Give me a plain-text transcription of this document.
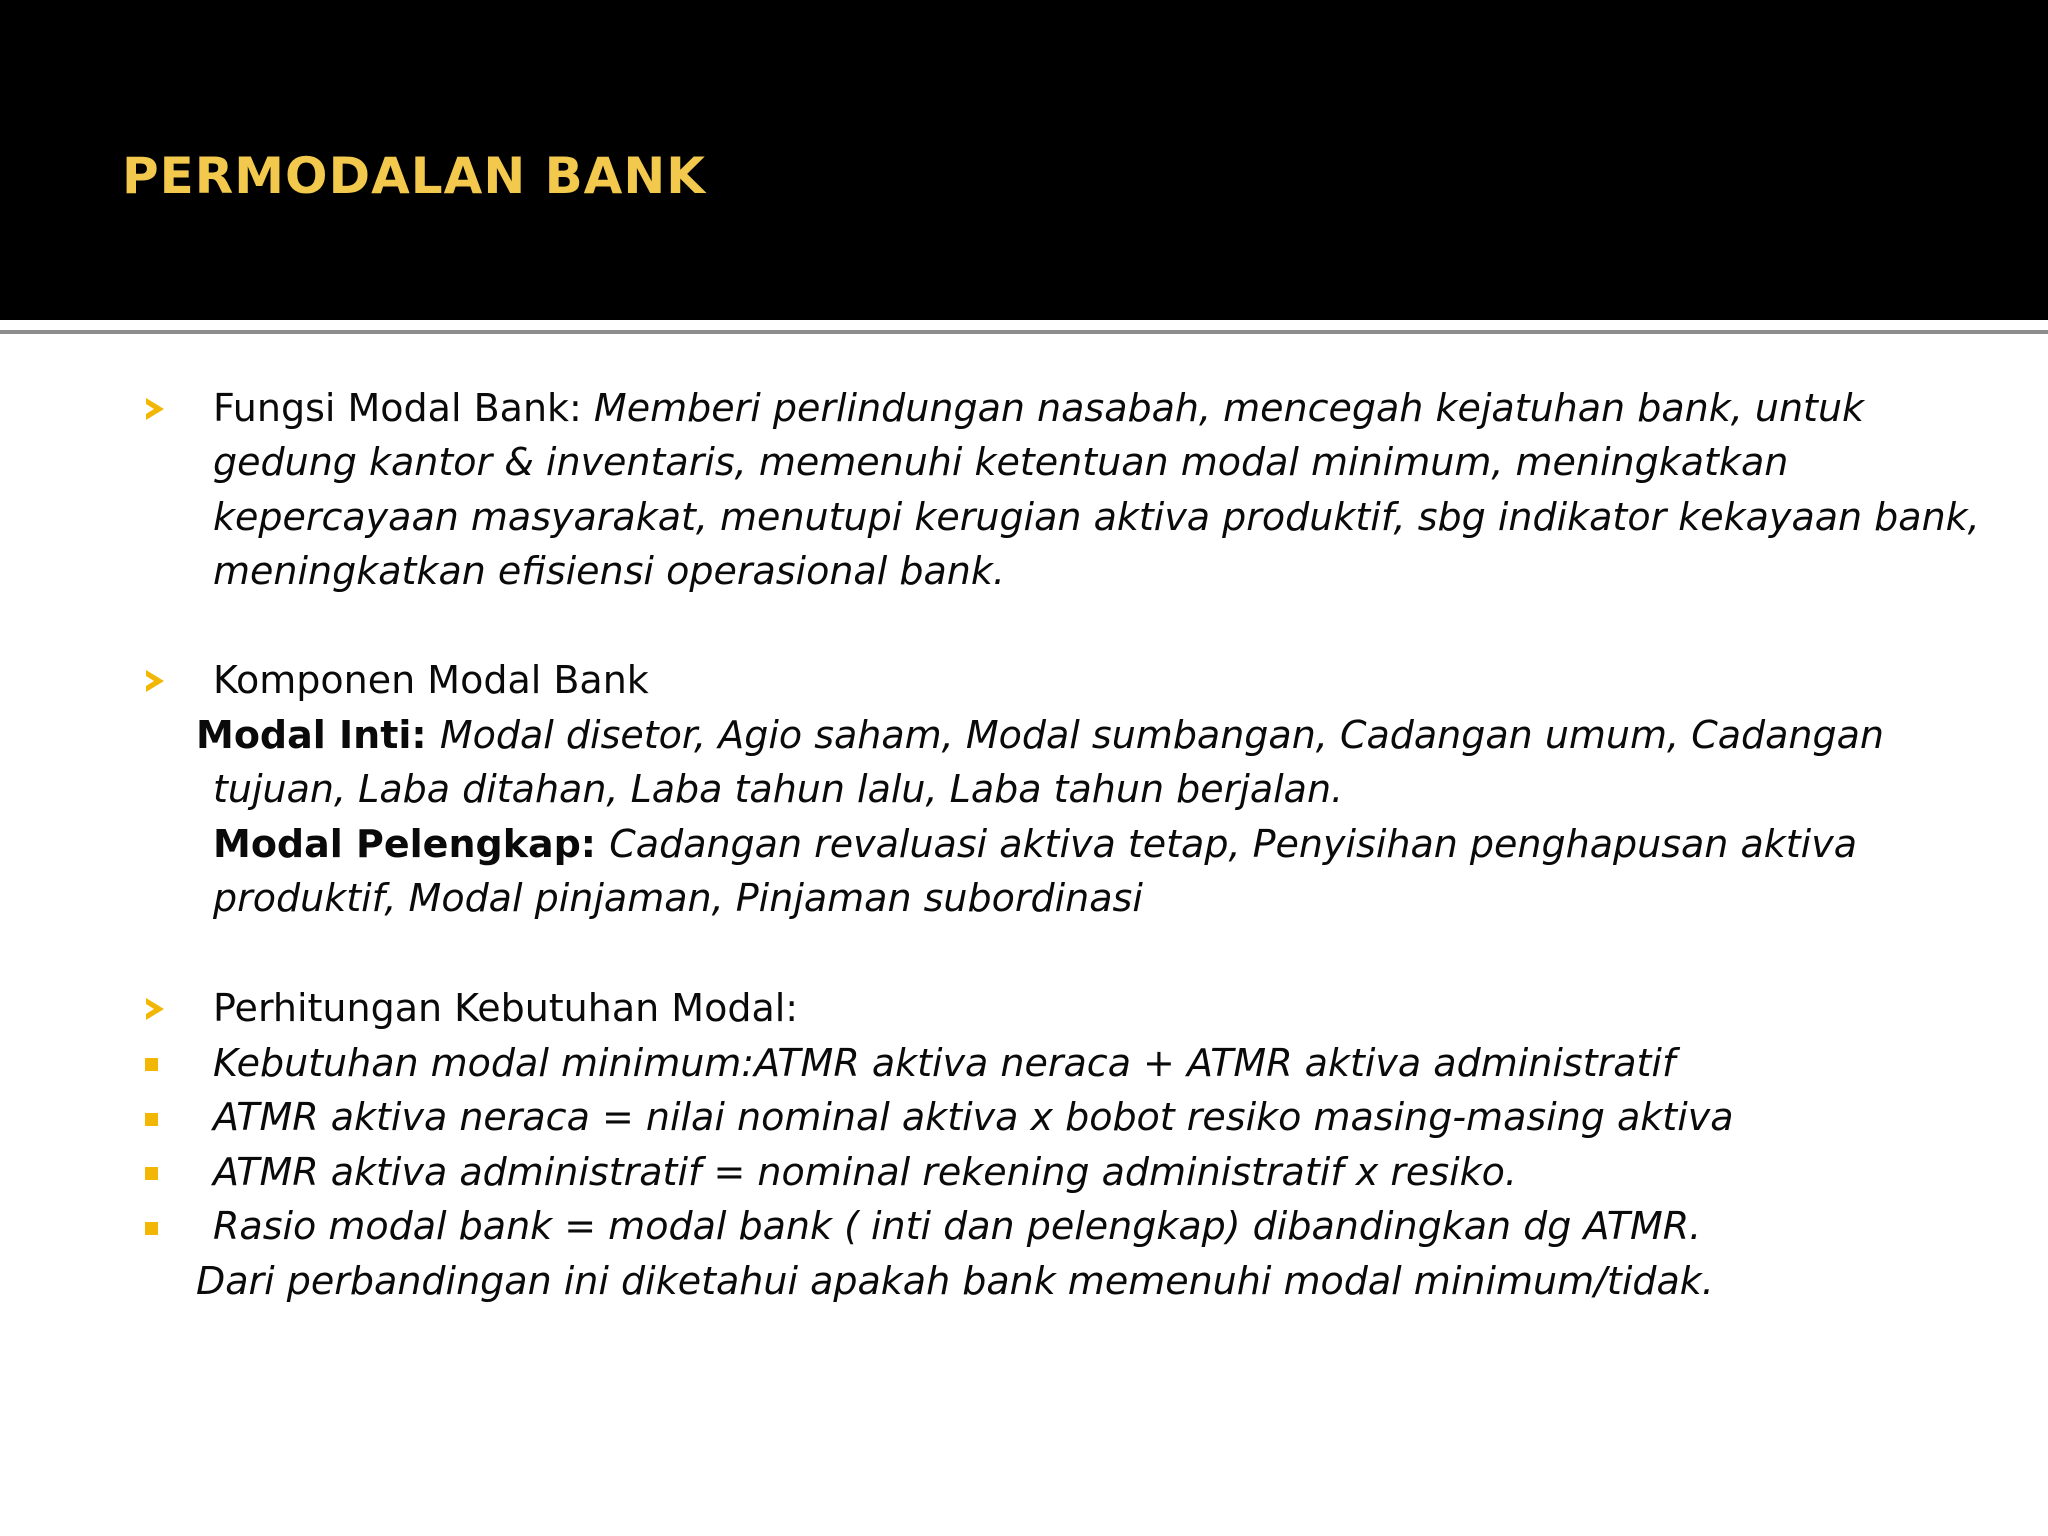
PERMODALAN BANK
Fungsi Modal Bank: Memberi perlindungan nasabah, mencegah kejatuhan bank, untuk
gedung kantor & inventaris, memenuhi ketentuan modal minimum, meningkatkan
kepercayaan masyarakat, menutupi kerugian aktiva produktif, sbg indikator kekayaan bank,
meningkatkan efisiensi operasional bank.
Komponen Modal Bank
Modal Inti: Modal disetor, Agio saham, Modal sumbangan, Cadangan umum, Cadangan
tujuan, Laba ditahan, Laba tahun lalu, Laba tahun berjalan.
Modal Pelengkap: Cadangan revaluasi aktiva tetap, Penyisihan penghapusan aktiva
produktif, Modal pinjaman, Pinjaman subordinasi
Perhitungan Kebutuhan Modal:
Kebutuhan modal minimum:ATMR aktiva neraca + ATMR aktiva administratif
ATMR aktiva neraca = nilai nominal aktiva x bobot resiko masing-masing aktiva
ATMR aktiva administratif = nominal rekening administratif x resiko.
Rasio modal bank = modal bank ( inti dan pelengkap) dibandingkan dg ATMR.
Dari perbandingan ini diketahui apakah bank memenuhi modal minimum/tidak.
